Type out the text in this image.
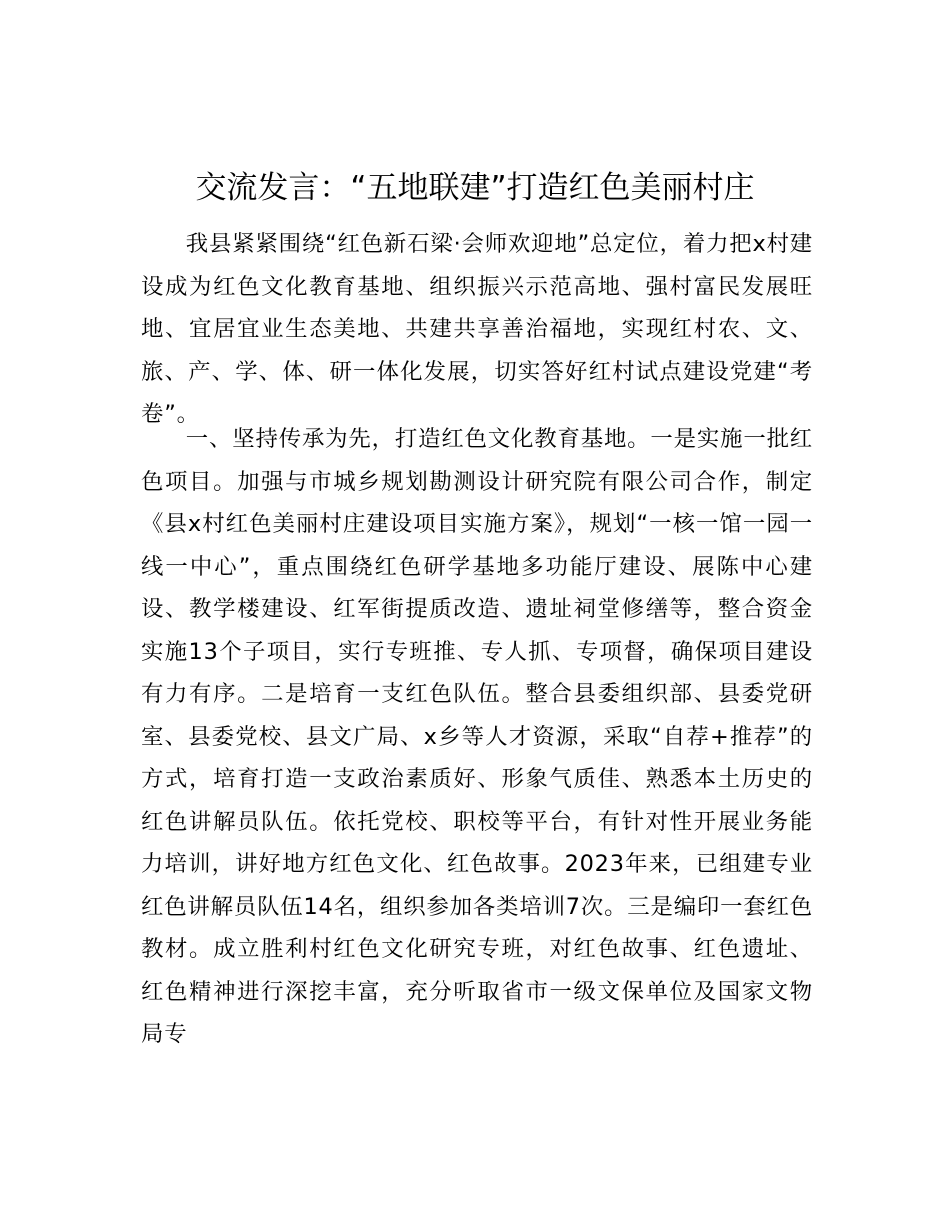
交流发言：“五地联建”打造红色美丽村庄

我县紧紧围绕“红色新石梁·会师欢迎地”总定位，着力把x村建设成为红色文化教育基地、组织振兴示范高地、强村富民发展旺地、宜居宜业生态美地、共建共享善治福地，实现红村农、文、旅、产、学、体、研一体化发展，切实答好红村试点建设党建“考卷”。

一、坚持传承为先，打造红色文化教育基地。一是实施一批红色项目。加强与市城乡规划勘测设计研究院有限公司合作，制定《县x村红色美丽村庄建设项目实施方案》，规划“一核一馆一园一线一中心”，重点围绕红色研学基地多功能厅建设、展陈中心建设、教学楼建设、红军街提质改造、遗址祠堂修缮等，整合资金实施13个子项目，实行专班推、专人抓、专项督，确保项目建设有力有序。二是培育一支红色队伍。整合县委组织部、县委党研室、县委党校、县文广局、x乡等人才资源，采取“自荐+推荐”的方式，培育打造一支政治素质好、形象气质佳、熟悉本土历史的红色讲解员队伍。依托党校、职校等平台，有针对性开展业务能力培训，讲好地方红色文化、红色故事。2023年来，已组建专业红色讲解员队伍14名，组织参加各类培训7次。三是编印一套红色教材。成立胜利村红色文化研究专班，对红色故事、红色遗址、红色精神进行深挖丰富，充分听取省市一级文保单位及国家文物局专
